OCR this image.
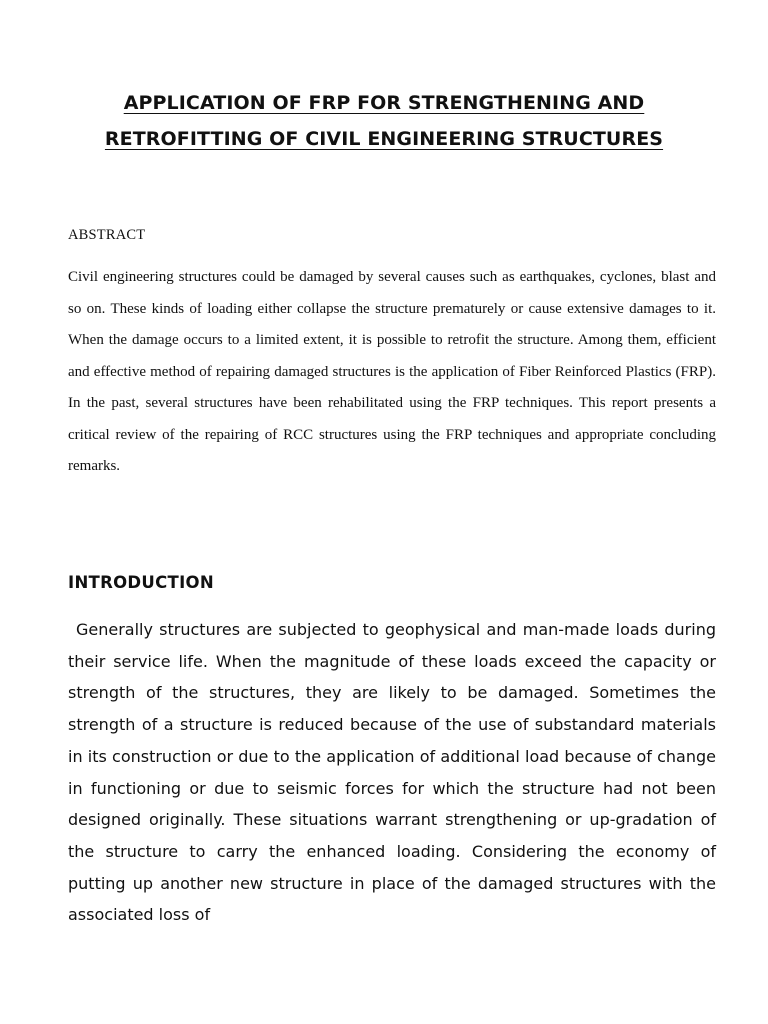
APPLICATION OF FRP FOR STRENGTHENING AND
RETROFITTING OF CIVIL ENGINEERING STRUCTURES
ABSTRACT

Civil engineering structures could be damaged by several causes such as earthquakes, cyclones, blast and so on. These kinds of loading either collapse the structure prematurely or cause extensive damages to it. When the damage occurs to a limited extent, it is possible to retrofit the structure. Among them, efficient and effective method of repairing damaged structures is the application of Fiber Reinforced Plastics (FRP). In the past, several structures have been rehabilitated using the FRP techniques. This report presents a critical review of the repairing of RCC structures using the FRP techniques and appropriate concluding remarks.

INTRODUCTION

Generally structures are subjected to geophysical and man-made loads during their service life. When the magnitude of these loads exceed the capacity or strength of the structures, they are likely to be damaged. Sometimes the strength of a structure is reduced because of the use of substandard materials in its construction or due to the application of additional load because of change in functioning or due to seismic forces for which the structure had not been designed originally. These situations warrant strengthening or up-gradation of the structure to carry the enhanced loading. Considering the economy of putting up another new structure in place of the damaged structures with the associated loss of
